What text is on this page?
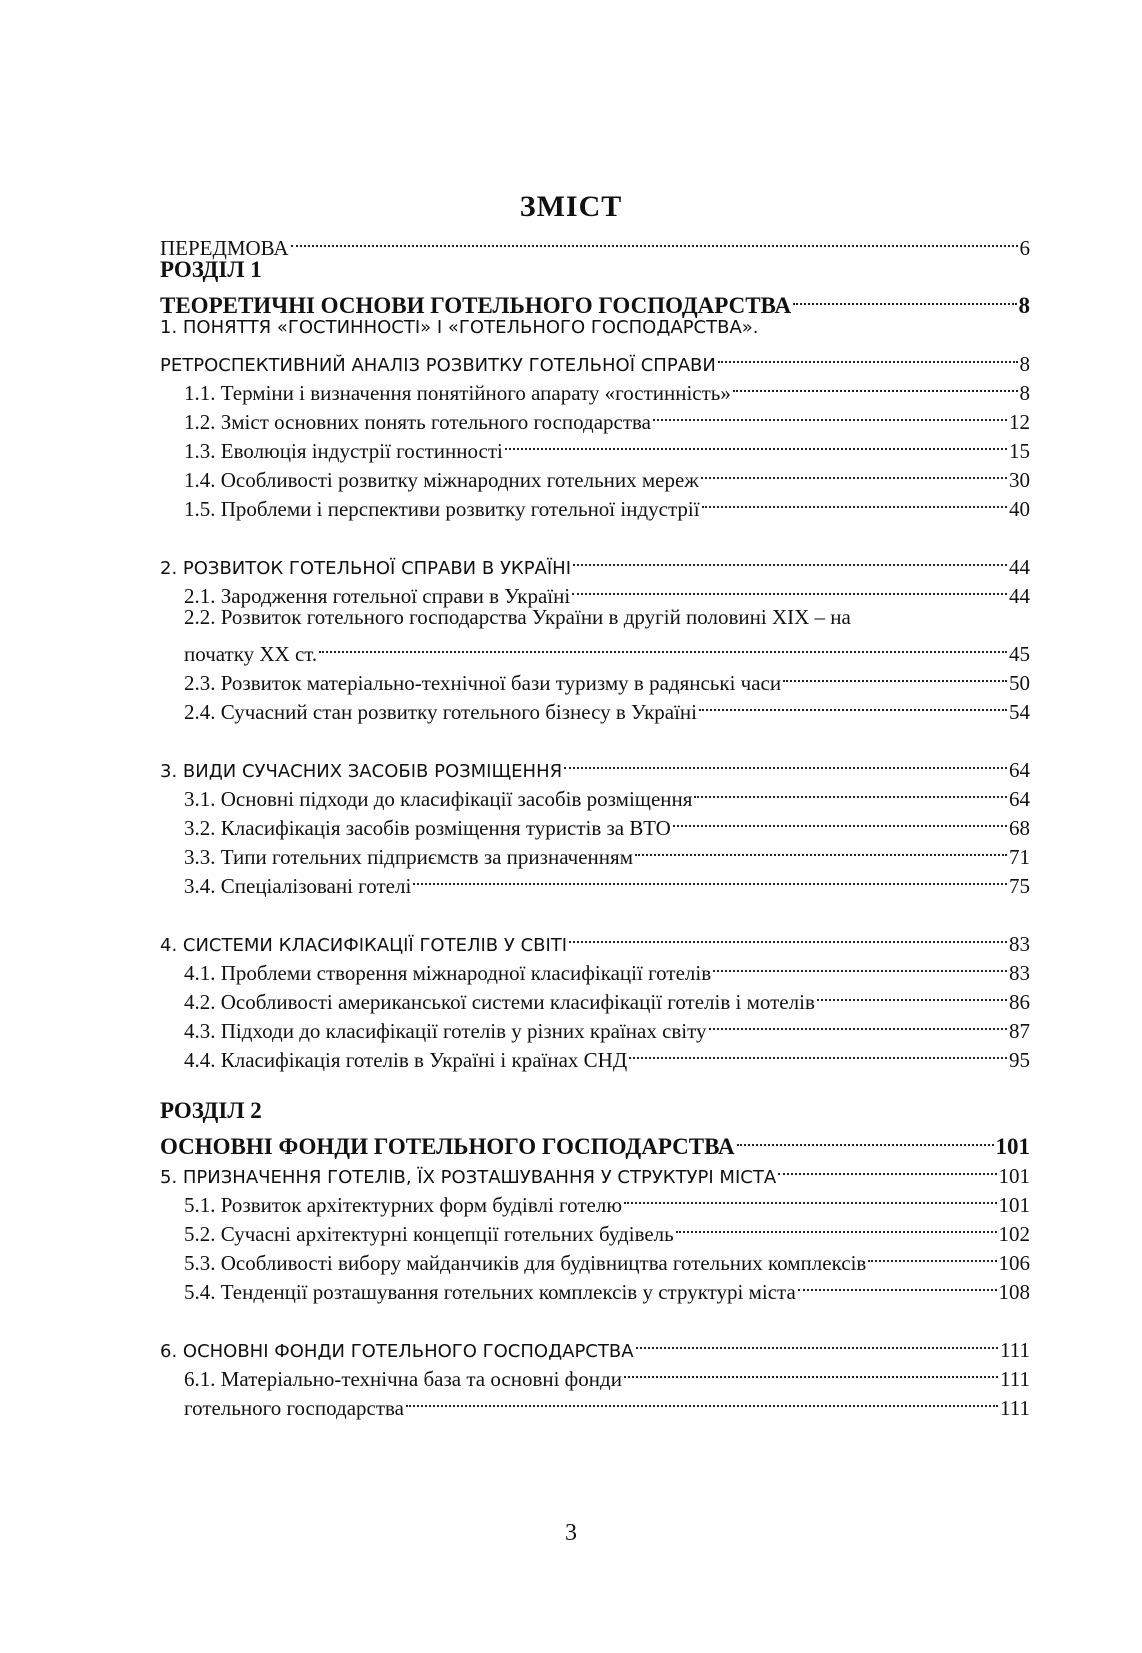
ЗМІСТ
ПЕРЕДМОВА	6
РОЗДІЛ 1
ТЕОРЕТИЧНІ ОСНОВИ ГОТЕЛЬНОГО ГОСПОДАРСТВА	8
1. ПОНЯТТЯ «ГОСТИННОСТІ» І «ГОТЕЛЬНОГО ГОСПОДАРСТВА».
РЕТРОСПЕКТИВНИЙ АНАЛІЗ РОЗВИТКУ ГОТЕЛЬНОЇ СПРАВИ	8
1.1. Терміни і визначення понятійного апарату «гостинність»	8
1.2. Зміст основних понять готельного господарства	12
1.3. Еволюція індустрії гостинності	15
1.4. Особливості розвитку міжнародних готельних мереж	30
1.5. Проблеми і перспективи розвитку готельної індустрії	40
2. РОЗВИТОК ГОТЕЛЬНОЇ СПРАВИ В УКРАЇНІ	44
2.1. Зародження готельної справи в Україні	44
2.2. Розвиток готельного господарства України в другій половині XIX – на
початку XX ст.	45
2.3. Розвиток матеріально-технічної бази туризму в радянські часи	50
2.4. Сучасний стан розвитку готельного бізнесу в Україні	54
3. ВИДИ СУЧАСНИХ ЗАСОБІВ РОЗМІЩЕННЯ	64
3.1. Основні підходи до класифікації засобів розміщення	64
3.2. Класифікація засобів розміщення туристів за ВТО	68
3.3. Типи готельних підприємств за призначенням	71
3.4. Спеціалізовані готелі	75
4. СИСТЕМИ КЛАСИФІКАЦІЇ ГОТЕЛІВ У СВІТІ	83
4.1. Проблеми створення міжнародної класифікації готелів	83
4.2. Особливості американської системи класифікації готелів і мотелів	86
4.3. Підходи до класифікації готелів у різних країнах світу	87
4.4. Класифікація готелів в Україні і країнах СНД	95
РОЗДІЛ 2
ОСНОВНІ ФОНДИ ГОТЕЛЬНОГО ГОСПОДАРСТВА	101
5. ПРИЗНАЧЕННЯ ГОТЕЛІВ, ЇХ РОЗТАШУВАННЯ У СТРУКТУРІ МІСТА	101
5.1. Розвиток архітектурних форм будівлі готелю	101
5.2. Сучасні архітектурні концепції готельних будівель	102
5.3. Особливості вибору майданчиків для будівництва готельних комплексів	106
5.4. Тенденції розташування готельних комплексів у структурі міста	108
6. ОСНОВНІ ФОНДИ ГОТЕЛЬНОГО ГОСПОДАРСТВА	111
6.1. Матеріально-технічна база та основні фонди	111
готельного господарства	111
3
